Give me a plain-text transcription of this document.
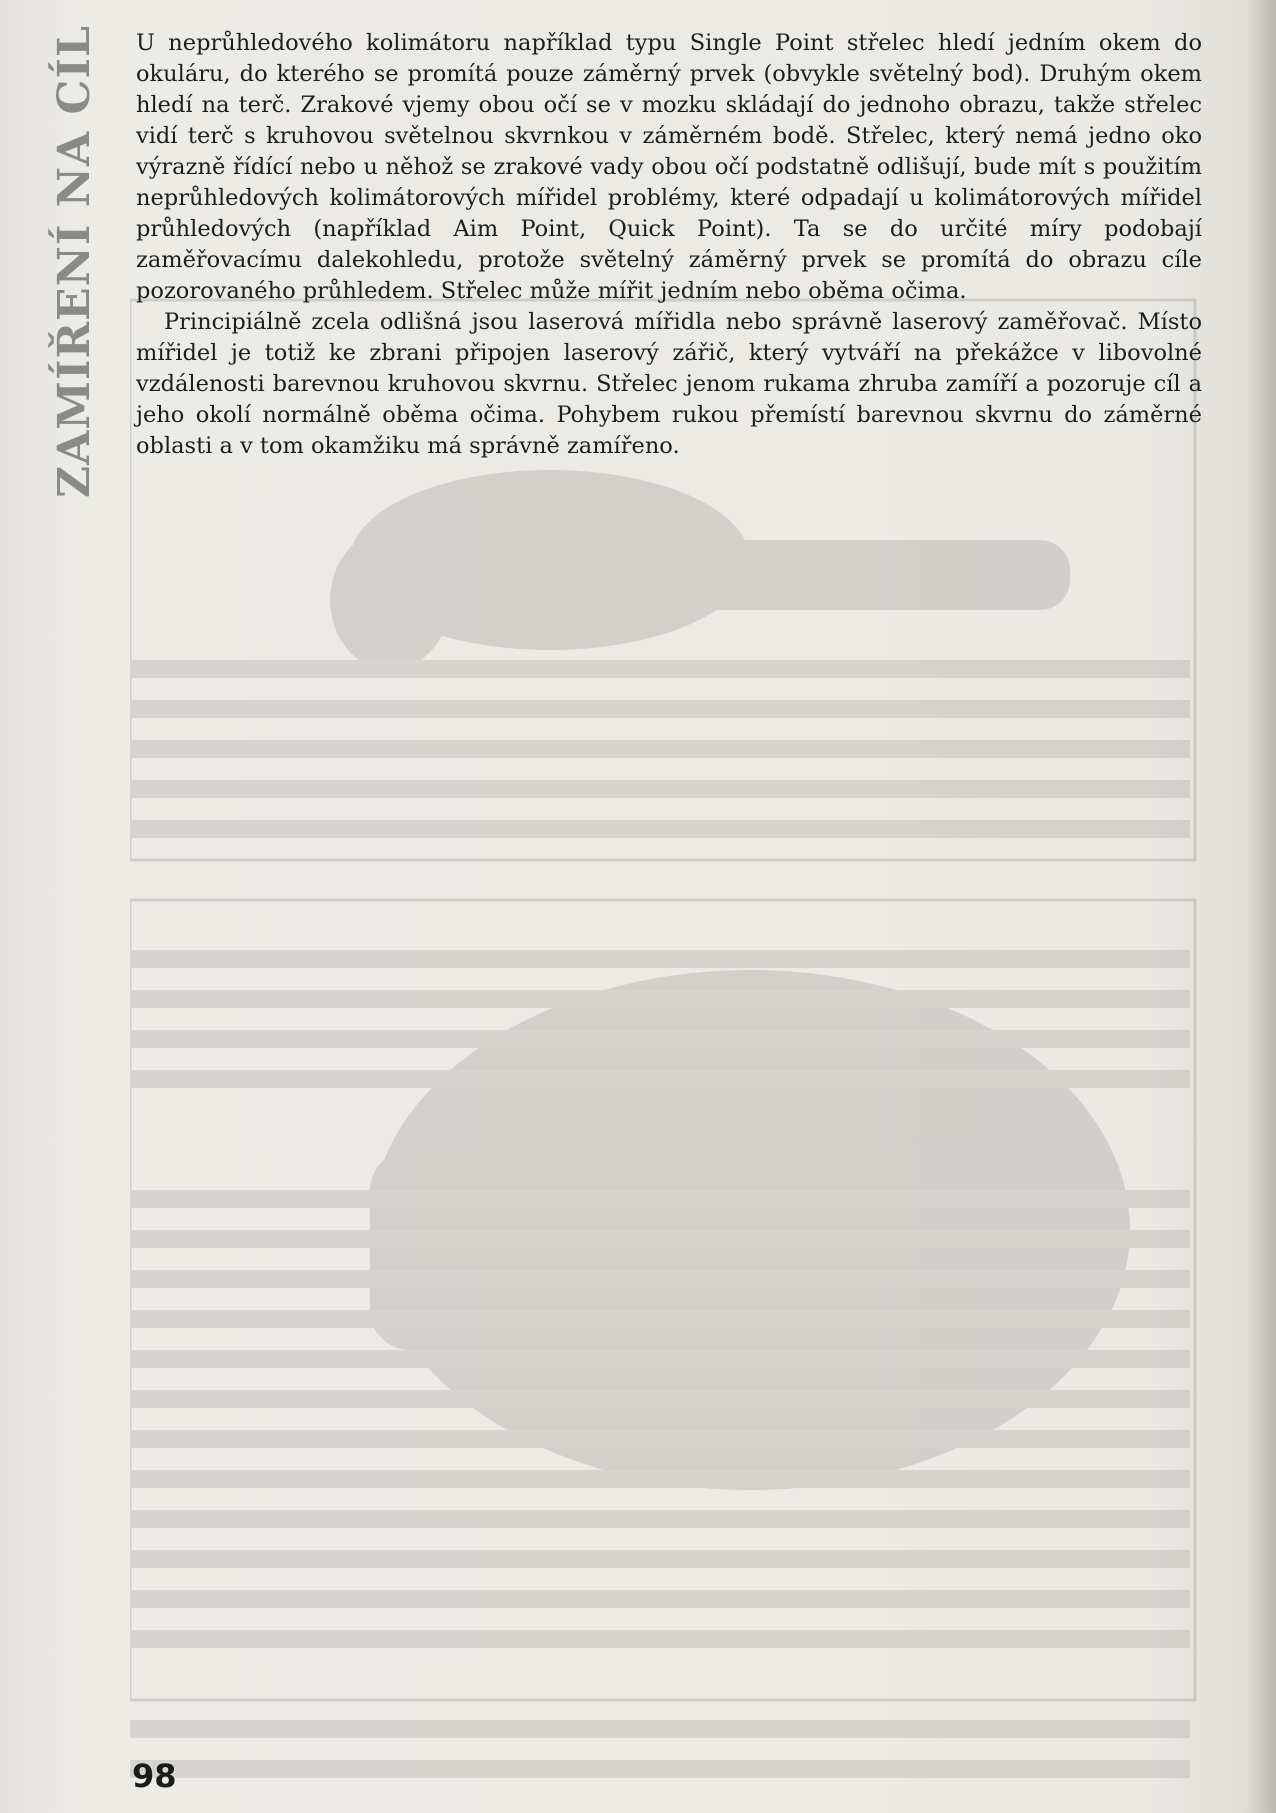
ZAMÍŘENÍ NA CÍL	U neprůhledového kolimátoru například typu Single Point střelec hledí jedním okem do okuláru, do kterého se promítá pouze záměrný prvek (obvykle světelný bod). Druhým okem hledí na terč. Zrakové vjemy obou očí se v mozku skládají do jednoho obrazu, takže střelec vidí terč s kruhovou světelnou skvrnkou v záměrném bodě. Střelec, který nemá jedno oko výrazně řídící nebo u něhož se zrakové vady obou očí podstatně odlišují, bude mít s použitím neprůhledových kolimátorových mířidel problémy, které odpadají u kolimátorových mířidel průhledových (například Aim Point, Quick Point). Ta se do určité míry podobají zaměřovacímu dalekohledu, protože světelný záměrný prvek se promítá do obrazu cíle pozorovaného průhledem. Střelec může mířit jedním nebo oběma očima.

Principiálně zcela odlišná jsou laserová mířidla nebo správně laserový zaměřovač. Místo mířidel je totiž ke zbrani připojen laserový zářič, který vytváří na překážce v libovolné vzdálenosti barevnou kruhovou skvrnu. Střelec jenom rukama zhruba zamíří a pozoruje cíl a jeho okolí normálně oběma očima. Pohybem rukou přemístí barevnou skvrnu do záměrné oblasti a v tom okamžiku má správně zamířeno.

98
